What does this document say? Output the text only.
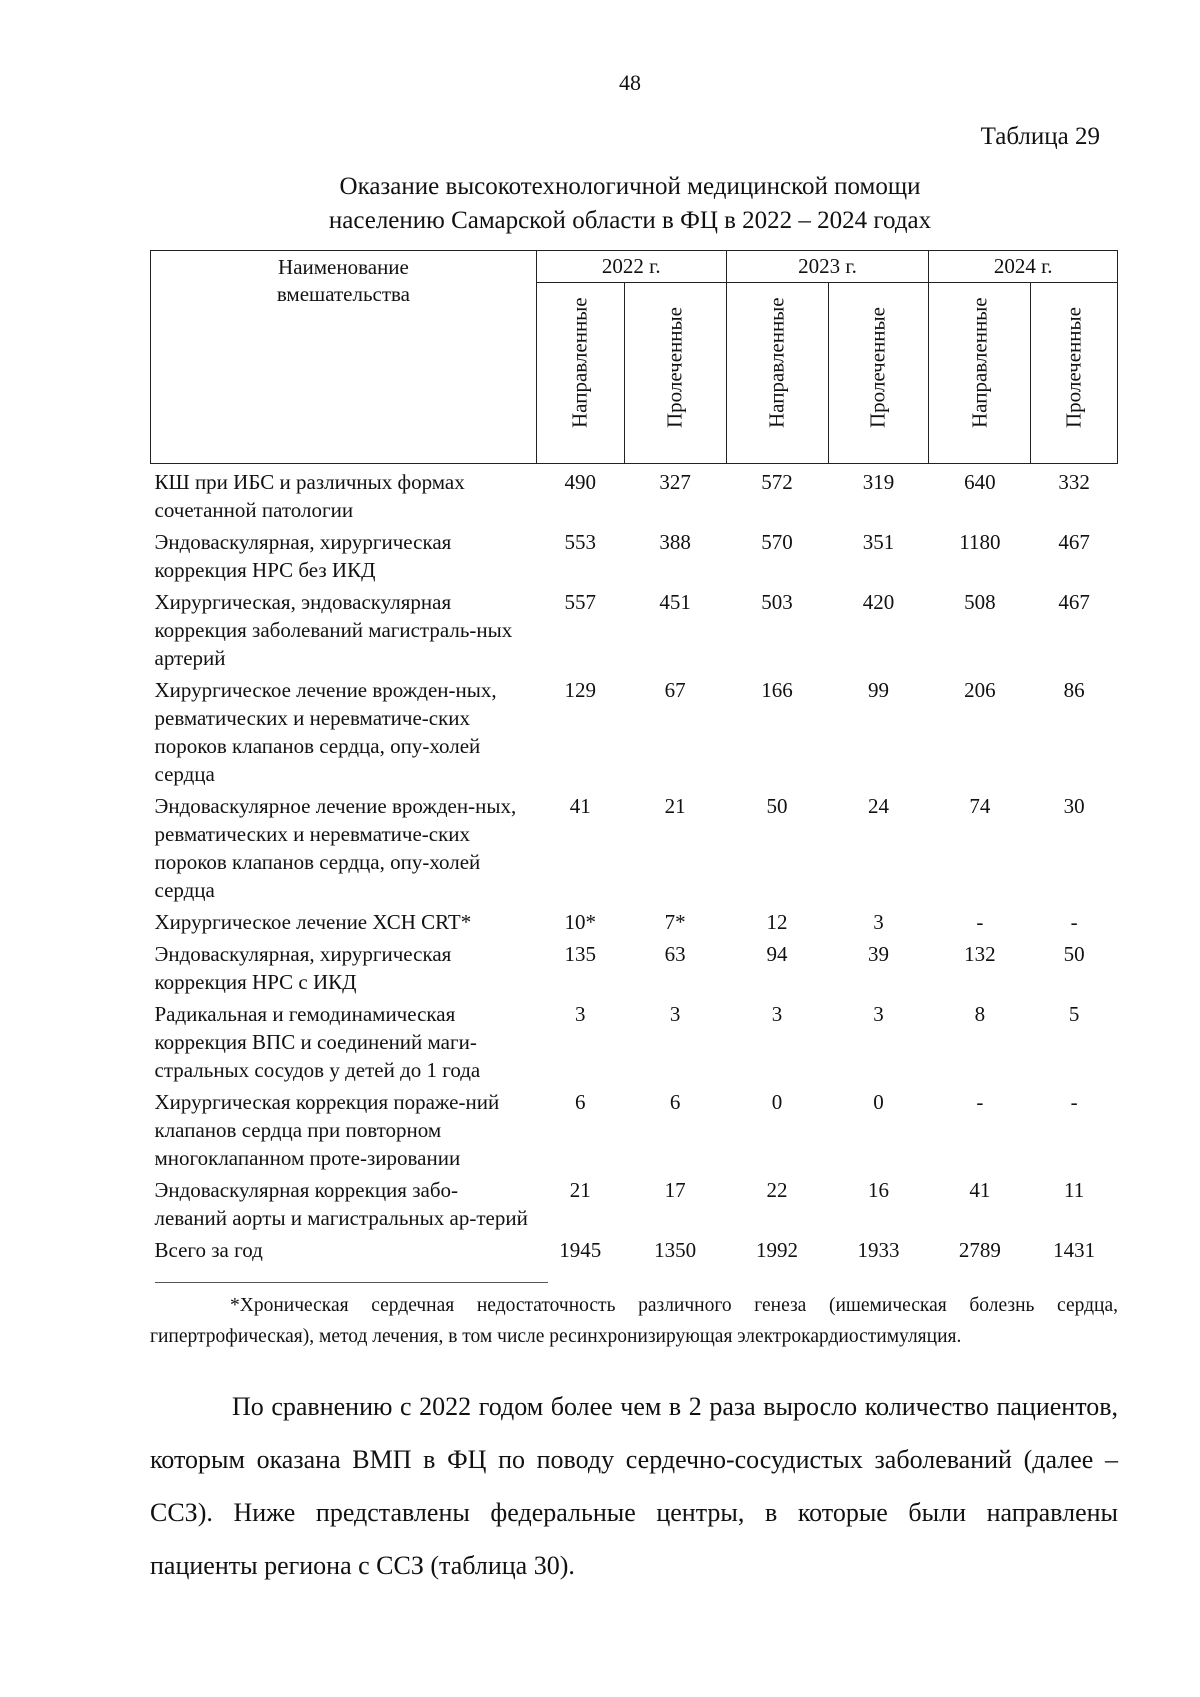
48
Таблица 29
Оказание высокотехнологичной медицинской помощи
населению Самарской области в ФЦ в 2022 – 2024 годах
Наименование вмешательства	2022 г.		2023 г.		2024 г.	

	Направленные	Пролеченные	Направленные	Пролеченные	Направленные	Пролеченные

КШ при ИБС и различных формах сочетанной патологии	490	327	572	319	640	332
Эндоваскулярная, хирургическая коррекция НРС без ИКД	553	388	570	351	1180	467
Хирургическая, эндоваскулярная коррекция заболеваний магистраль-ных артерий	557	451	503	420	508	467
Хирургическое лечение врожден-ных, ревматических и неревматиче-ских пороков клапанов сердца, опу-холей сердца	129	67	166	99	206	86
Эндоваскулярное лечение врожден-ных, ревматических и неревматиче-ских пороков клапанов сердца, опу-холей сердца	41	21	50	24	74	30
Хирургическое лечение ХСН CRT*	10*	7*	12	3	-	-
Эндоваскулярная, хирургическая коррекция НРС с ИКД	135	63	94	39	132	50
Радикальная и гемодинамическая коррекция ВПС и соединений маги-стральных сосудов у детей до 1 года	3	3	3	3	8	5
Хирургическая коррекция пораже-ний клапанов сердца при повторном многоклапанном проте-зировании	6	6	0	0	-	-
Эндоваскулярная коррекция забо-леваний аорты и магистральных ар-терий	21	17	22	16	41	11
Всего за год	1945	1350	1992	1933	2789	1431
*Хроническая сердечная недостаточность различного генеза (ишемическая болезнь сердца, гипертрофическая), метод лечения, в том числе ресинхронизирующая электрокардиостимуляция.
По сравнению с 2022 годом более чем в 2 раза выросло количество пациентов, которым оказана ВМП в ФЦ по поводу сердечно-сосудистых заболеваний (далее – ССЗ). Ниже представлены федеральные центры, в которые были направлены пациенты региона с ССЗ (таблица 30).
